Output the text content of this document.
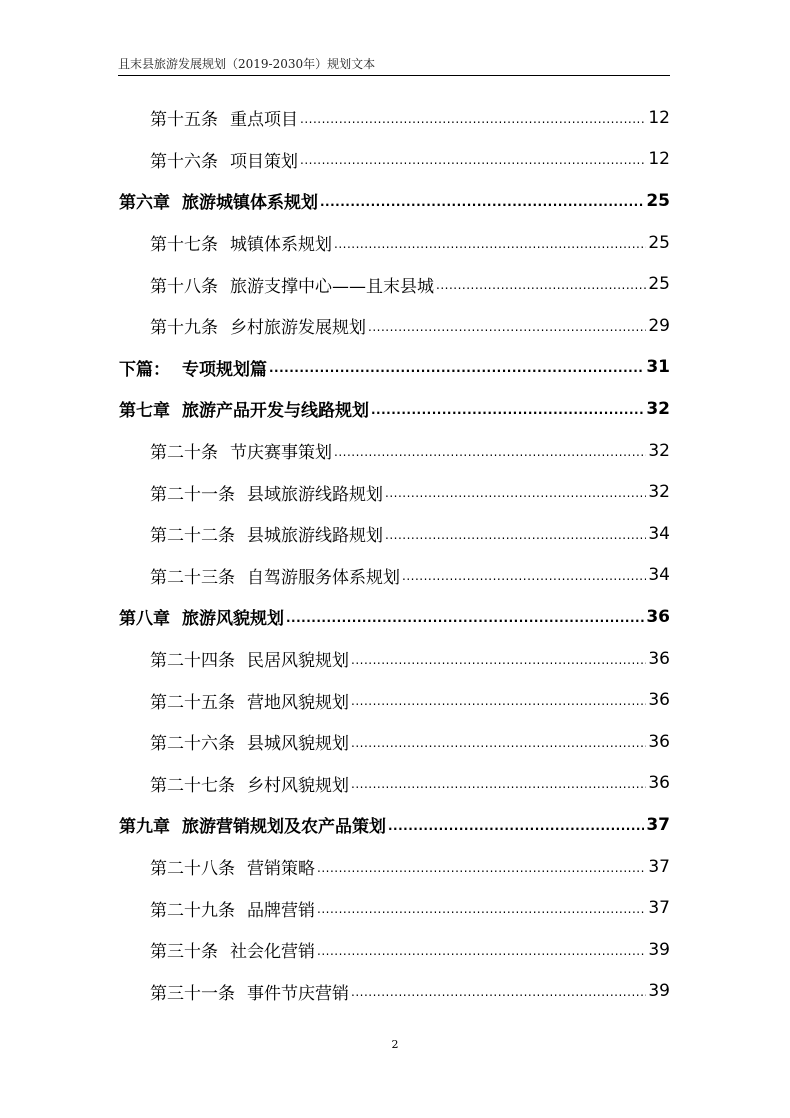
且末县旅游发展规划（2019-2030年）规划文本
第十五条 重点项目 .....	12
第十六条 项目策划 .....	12
第六章 旅游城镇体系规划 .....	25
第十七条 城镇体系规划 .....	25
第十八条 旅游支撑中心——且末县城 .....	25
第十九条 乡村旅游发展规划 .....	29
下篇： 专项规划篇 .....	31
第七章 旅游产品开发与线路规划 .....	32
第二十条 节庆赛事策划 .....	32
第二十一条 县域旅游线路规划 .....	32
第二十二条 县城旅游线路规划 .....	34
第二十三条 自驾游服务体系规划 .....	34
第八章 旅游风貌规划 .....	36
第二十四条 民居风貌规划 .....	36
第二十五条 营地风貌规划 .....	36
第二十六条 县城风貌规划 .....	36
第二十七条 乡村风貌规划 .....	36
第九章 旅游营销规划及农产品策划 .....	37
第二十八条 营销策略 .....	37
第二十九条 品牌营销 .....	37
第三十条 社会化营销 .....	39
第三十一条 事件节庆营销 .....	39
2
